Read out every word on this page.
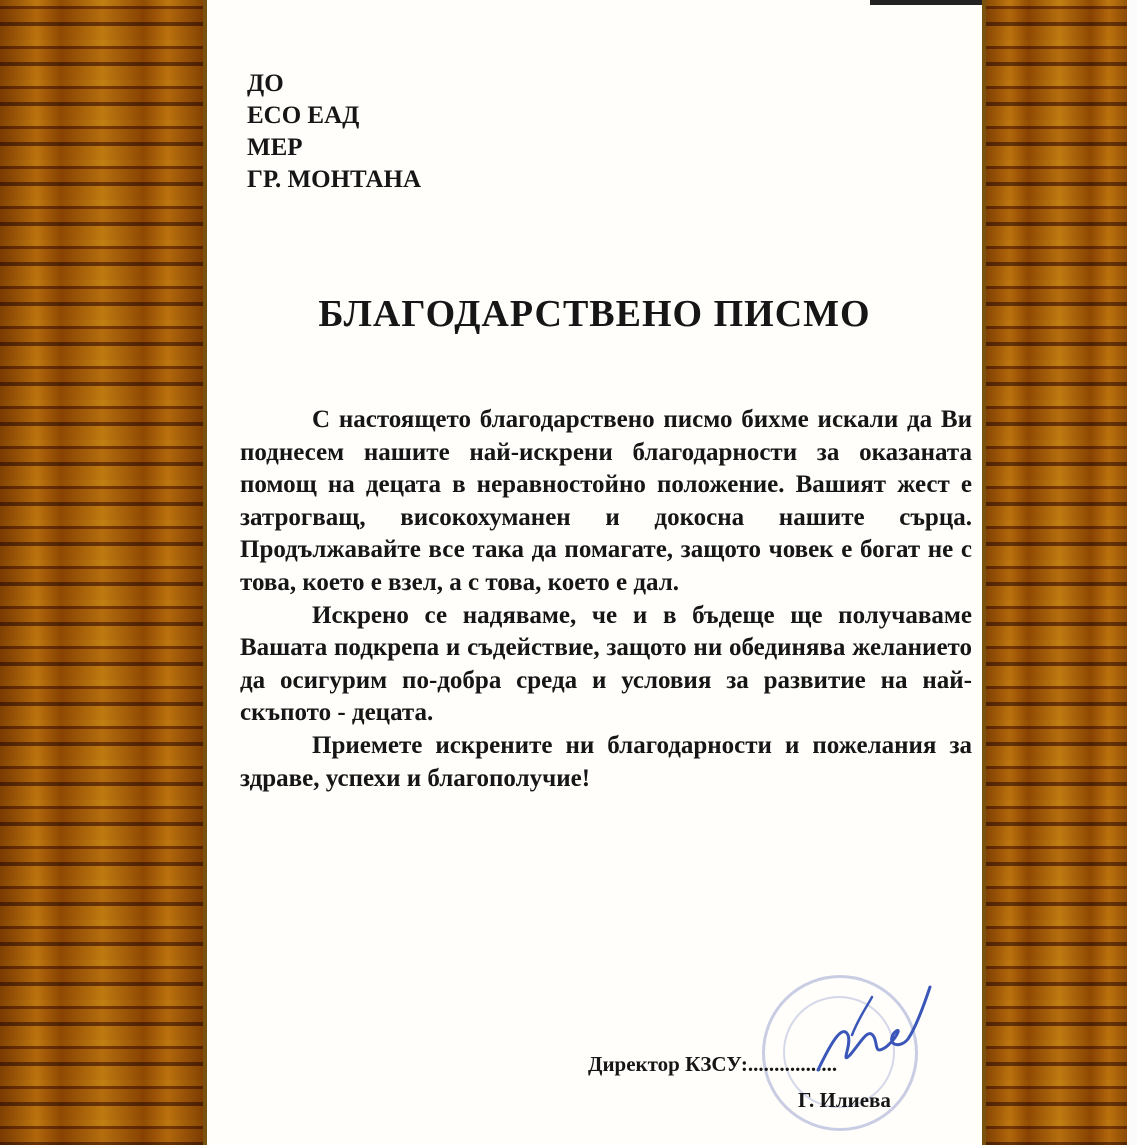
ДО
ЕСО ЕАД
МЕР
ГР. МОНТАНА
БЛАГОДАРСТВЕНО ПИСМО

С настоящето благодарствено писмо бихме искали да Ви поднесем нашите най-искрени благодарности за оказаната помощ на децата в неравностойно положение. Вашият жест е затрогващ, високохуманен и докосна нашите сърца. Продължавайте все така да помагате, защото човек е богат не с това, което е взел, а с това, което е дал.

Искрено се надяваме, че и в бъдеще ще получаваме Вашата подкрепа и съдействие, защото ни обединява желанието да осигурим по-добра среда и условия за развитие на най-скъпото - децата.

Приемете искрените ни благодарности и пожелания за здраве, успехи и благополучие!

Директор КЗСУ:.................
Г. Илиева
